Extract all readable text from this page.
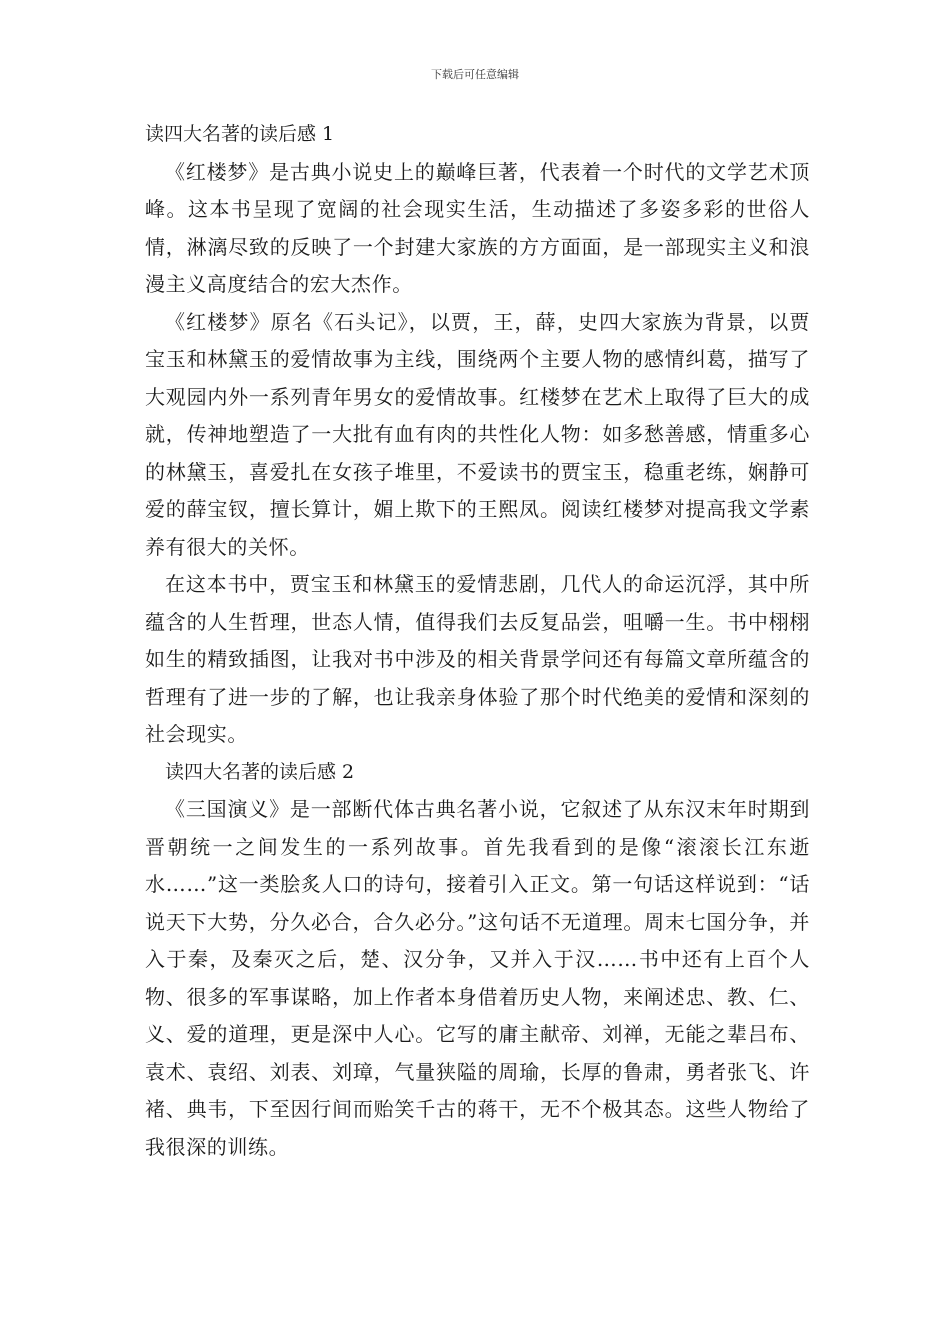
下载后可任意编辑
读四大名著的读后感 1

《红楼梦》是古典小说史上的巅峰巨著，代表着一个时代的文学艺术顶峰。这本书呈现了宽阔的社会现实生活，生动描述了多姿多彩的世俗人情，淋漓尽致的反映了一个封建大家族的方方面面，是一部现实主义和浪漫主义高度结合的宏大杰作。

《红楼梦》原名《石头记》，以贾，王，薛，史四大家族为背景，以贾宝玉和林黛玉的爱情故事为主线，围绕两个主要人物的感情纠葛，描写了大观园内外一系列青年男女的爱情故事。红楼梦在艺术上取得了巨大的成就，传神地塑造了一大批有血有肉的共性化人物：如多愁善感，情重多心的林黛玉，喜爱扎在女孩子堆里，不爱读书的贾宝玉，稳重老练，娴静可爱的薛宝钗，擅长算计，媚上欺下的王熙凤。阅读红楼梦对提高我文学素养有很大的关怀。

在这本书中，贾宝玉和林黛玉的爱情悲剧，几代人的命运沉浮，其中所蕴含的人生哲理，世态人情，值得我们去反复品尝，咀嚼一生。书中栩栩如生的精致插图，让我对书中涉及的相关背景学问还有每篇文章所蕴含的哲理有了进一步的了解，也让我亲身体验了那个时代绝美的爱情和深刻的社会现实。

读四大名著的读后感 2

《三国演义》是一部断代体古典名著小说，它叙述了从东汉末年时期到晋朝统一之间发生的一系列故事。首先我看到的是像“滚滚长江东逝水……”这一类脍炙人口的诗句，接着引入正文。第一句话这样说到：“话说天下大势，分久必合，合久必分。”这句话不无道理。周末七国分争，并入于秦，及秦灭之后，楚、汉分争，又并入于汉……书中还有上百个人物、很多的军事谋略，加上作者本身借着历史人物，来阐述忠、教、仁、义、爱的道理，更是深中人心。它写的庸主献帝、刘禅，无能之辈吕布、袁术、袁绍、刘表、刘璋，气量狭隘的周瑜，长厚的鲁肃，勇者张飞、许褚、典韦，下至因行间而贻笑千古的蒋干，无不个极其态。这些人物给了我很深的训练。
